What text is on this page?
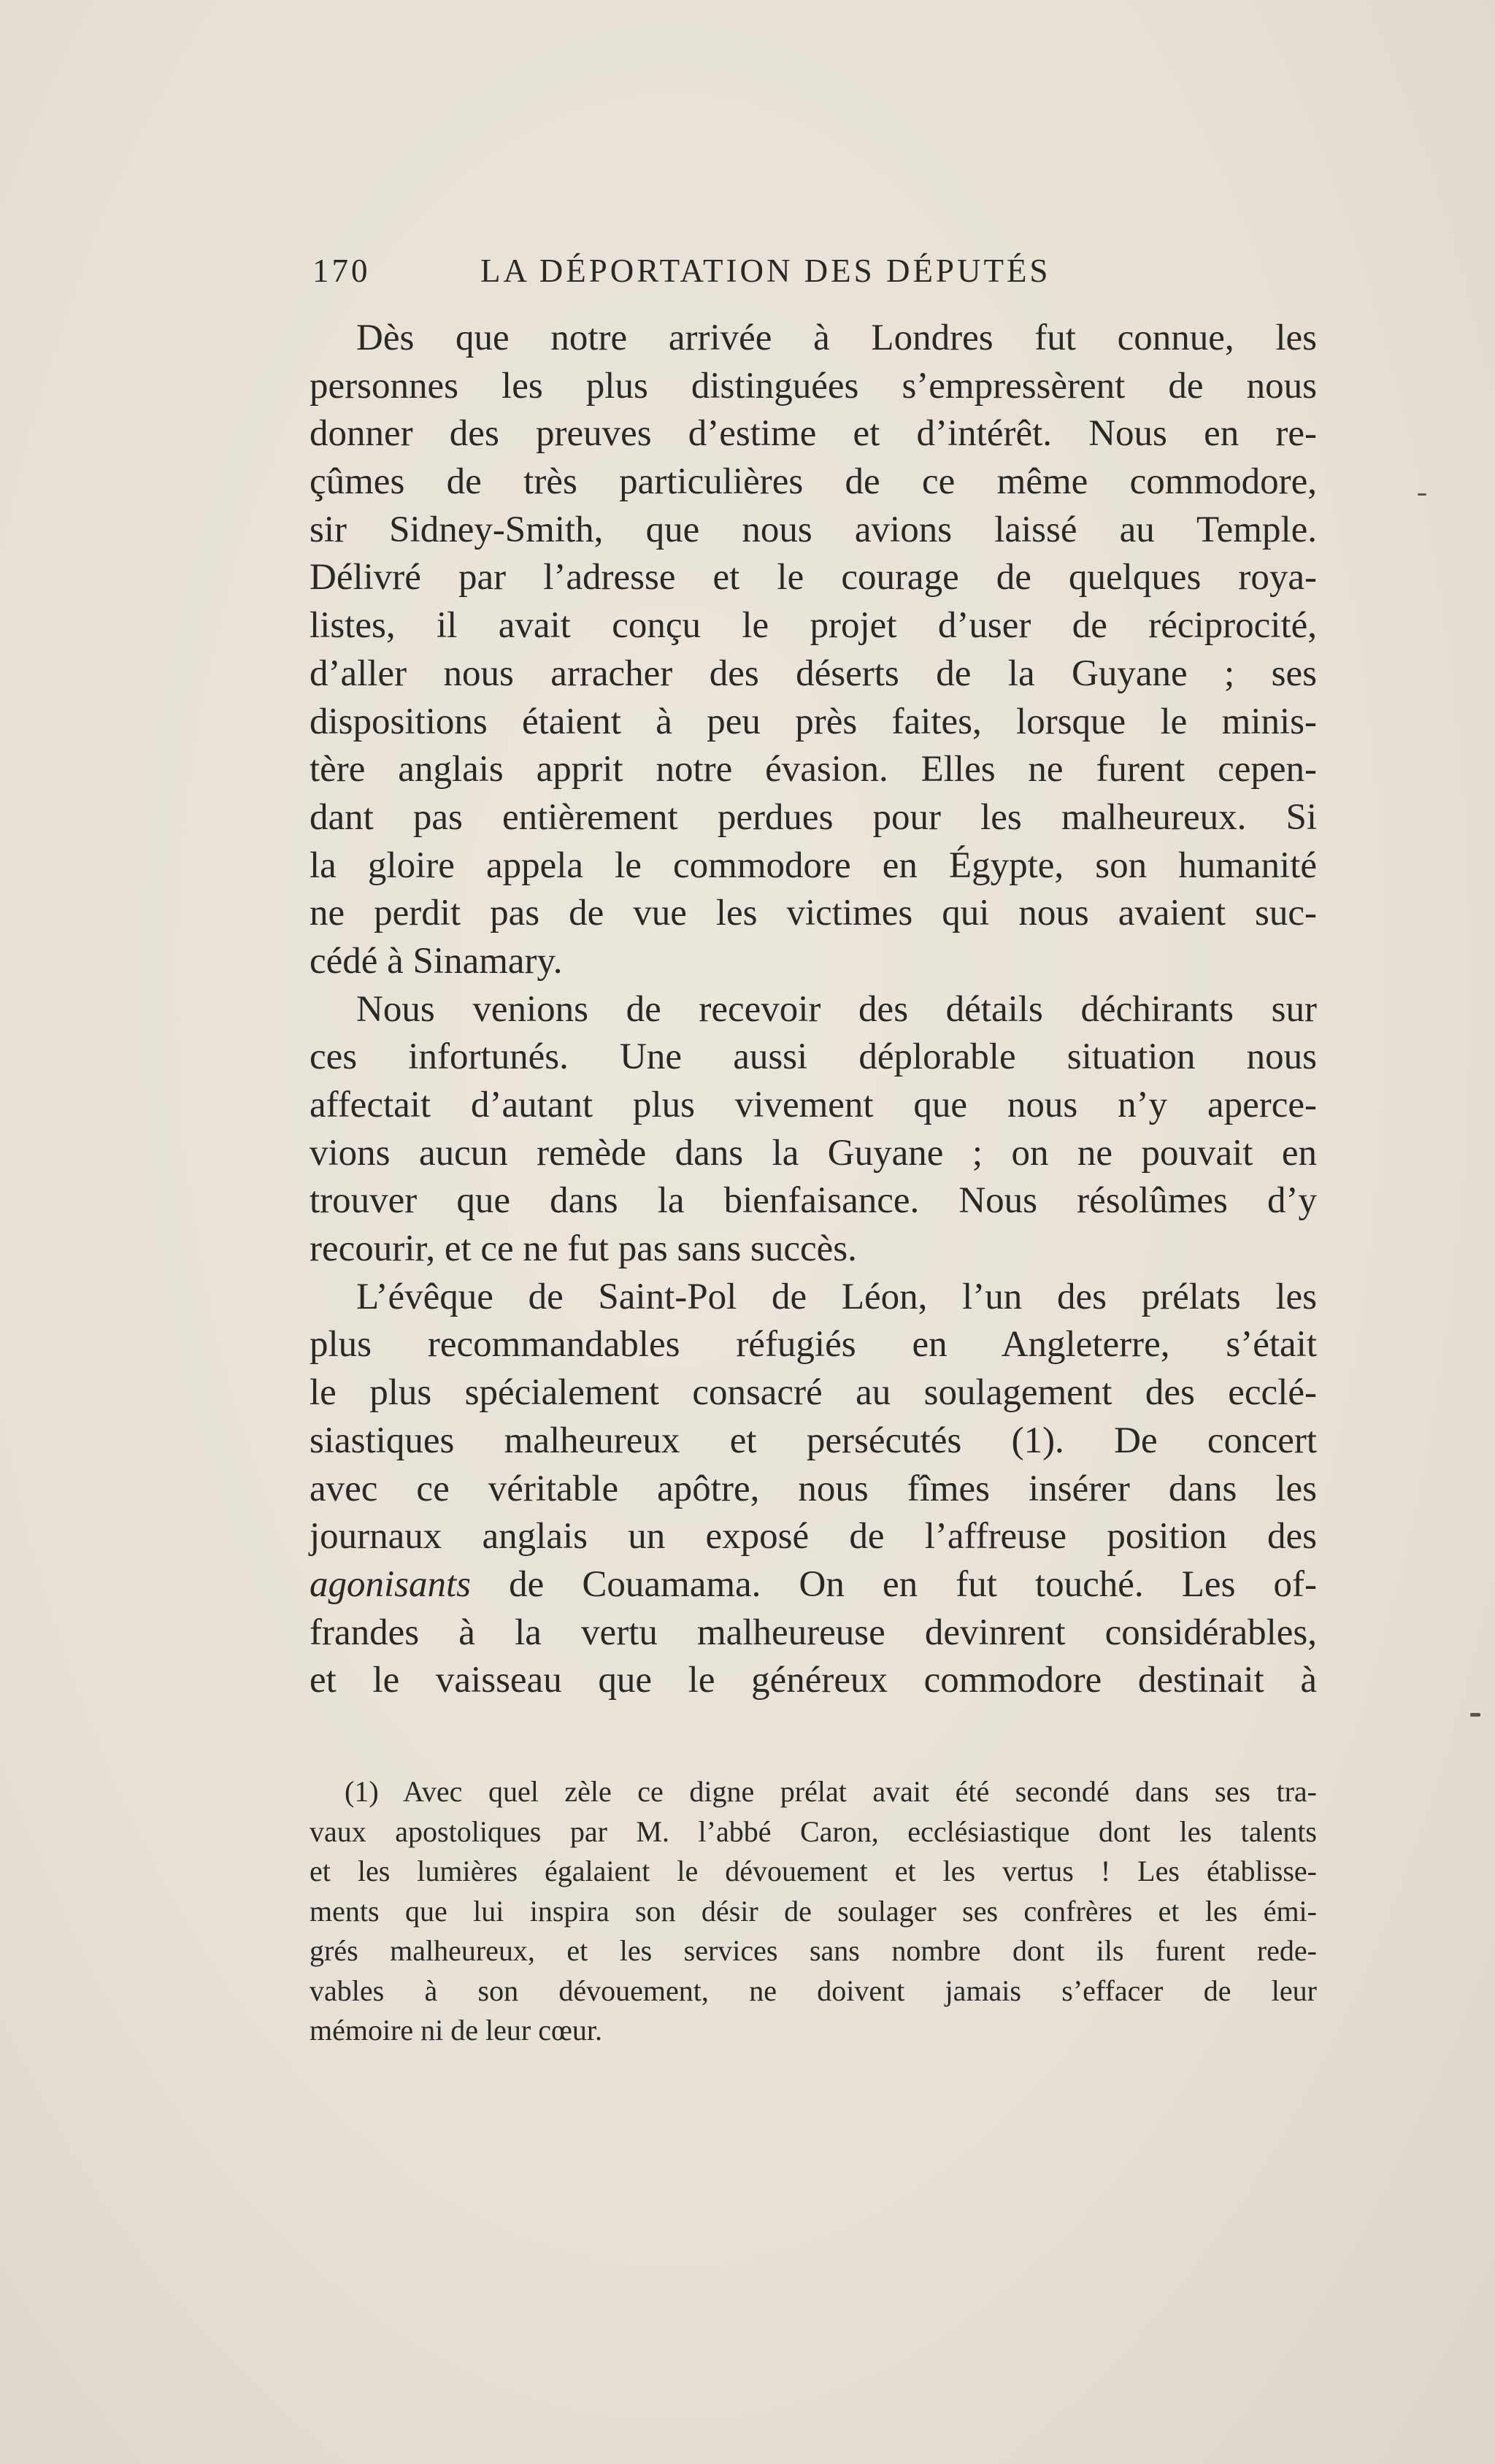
170	LA DÉPORTATION DES DÉPUTÉS
Dès que notre arrivée à Londres fut connue, les
personnes les plus distinguées s’empressèrent de nous
donner des preuves d’estime et d’intérêt. Nous en re-
çûmes de très particulières de ce même commodore,
sir Sidney-Smith, que nous avions laissé au Temple.
Délivré par l’adresse et le courage de quelques roya-
listes, il avait conçu le projet d’user de réciprocité,
d’aller nous arracher des déserts de la Guyane ; ses
dispositions étaient à peu près faites, lorsque le minis-
tère anglais apprit notre évasion. Elles ne furent cepen-
dant pas entièrement perdues pour les malheureux. Si
la gloire appela le commodore en Égypte, son humanité
ne perdit pas de vue les victimes qui nous avaient suc-
cédé à Sinamary.
Nous venions de recevoir des détails déchirants sur
ces infortunés. Une aussi déplorable situation nous
affectait d’autant plus vivement que nous n’y aperce-
vions aucun remède dans la Guyane ; on ne pouvait en
trouver que dans la bienfaisance. Nous résolûmes d’y
recourir, et ce ne fut pas sans succès.
L’évêque de Saint-Pol de Léon, l’un des prélats les
plus recommandables réfugiés en Angleterre, s’était
le plus spécialement consacré au soulagement des ecclé-
siastiques malheureux et persécutés (1). De concert
avec ce véritable apôtre, nous fîmes insérer dans les
journaux anglais un exposé de l’affreuse position des
agonisants de Couamama. On en fut touché. Les of-
frandes à la vertu malheureuse devinrent considérables,
et le vaisseau que le généreux commodore destinait à
(1) Avec quel zèle ce digne prélat avait été secondé dans ses tra-
vaux apostoliques par M. l’abbé Caron, ecclésiastique dont les talents
et les lumières égalaient le dévouement et les vertus ! Les établisse-
ments que lui inspira son désir de soulager ses confrères et les émi-
grés malheureux, et les services sans nombre dont ils furent rede-
vables à son dévouement, ne doivent jamais s’effacer de leur
mémoire ni de leur cœur.
